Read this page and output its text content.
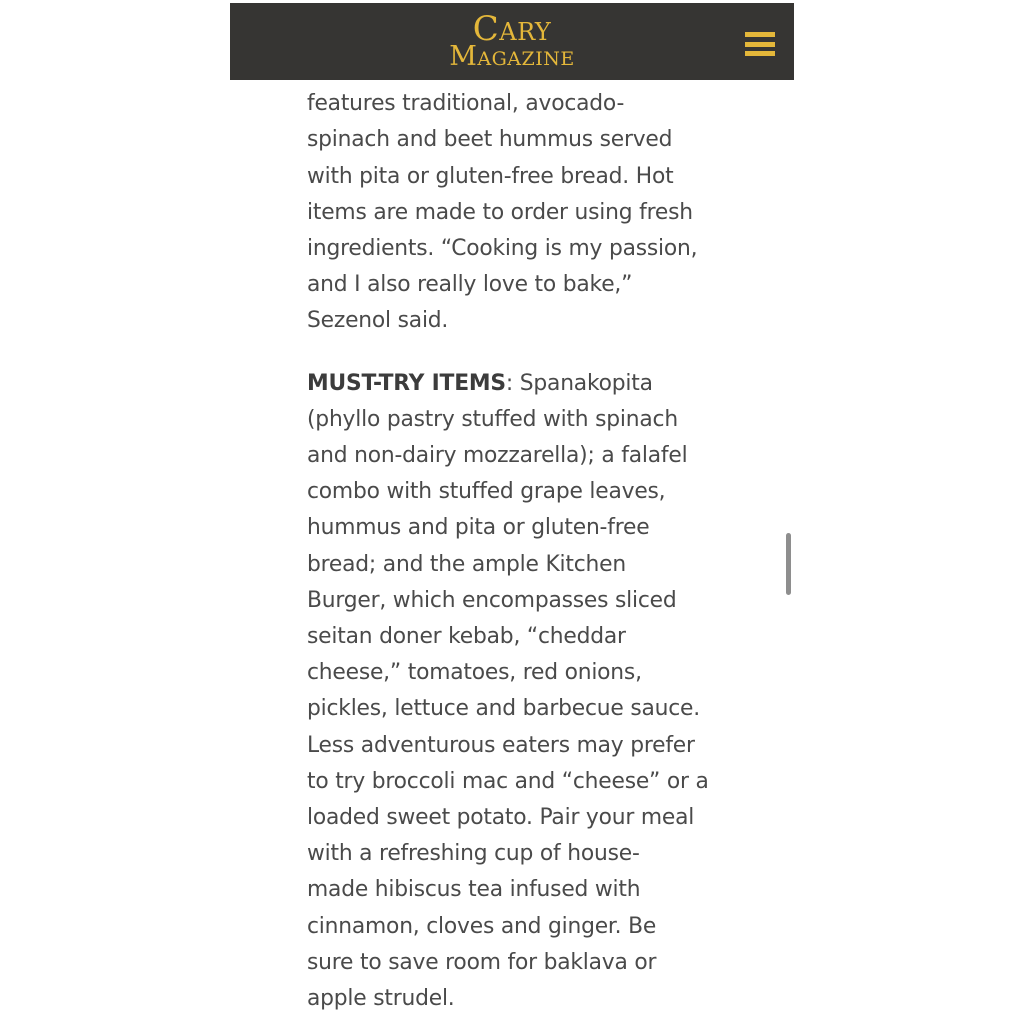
Cary
Magazine

features traditional, avocado-
spinach and beet hummus served
with pita or gluten-free bread. Hot
items are made to order using fresh
ingredients. “Cooking is my passion,
and I also really love to bake,”
Sezenol said.

MUST-TRY ITEMS: Spanakopita
(phyllo pastry stuffed with spinach
and non-dairy mozzarella); a falafel
combo with stuffed grape leaves,
hummus and pita or gluten-free
bread; and the ample Kitchen
Burger, which encompasses sliced
seitan doner kebab, “cheddar
cheese,” tomatoes, red onions,
pickles, lettuce and barbecue sauce.
Less adventurous eaters may prefer
to try broccoli mac and “cheese” or a
loaded sweet potato. Pair your meal
with a refreshing cup of house-
made hibiscus tea infused with
cinnamon, cloves and ginger. Be
sure to save room for baklava or
apple strudel.
